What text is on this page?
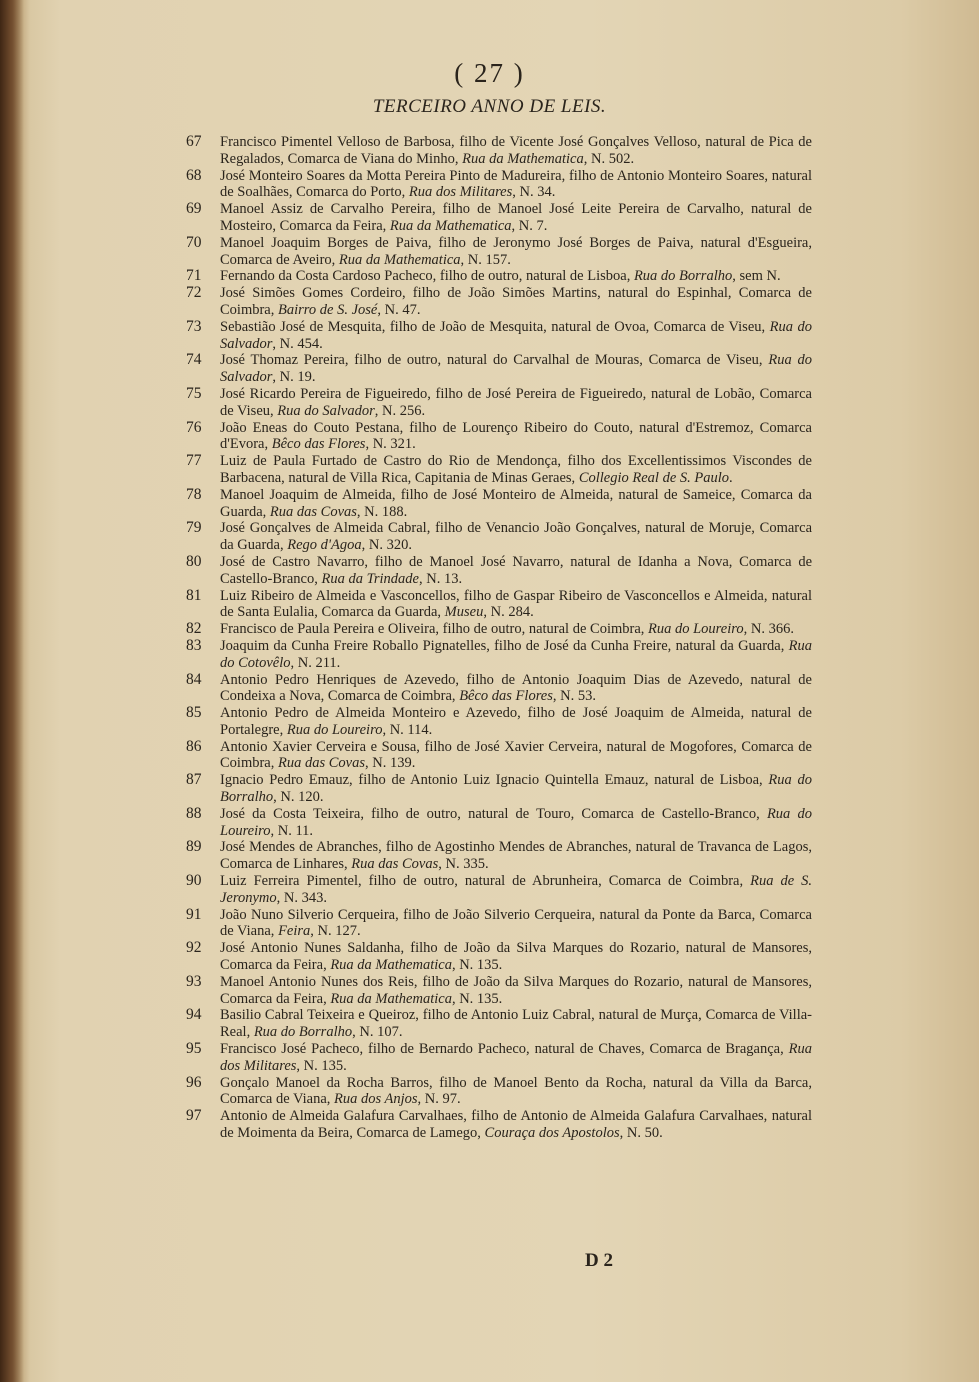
( 27 )
TERCEIRO ANNO DE LEIS.
67 Francisco Pimentel Velloso de Barbosa, filho de Vicente José Gonçalves Velloso, natural de Pica de Regalados, Comarca de Viana do Minho, Rua da Mathematica, N. 502.
68 José Monteiro Soares da Motta Pereira Pinto de Madureira, filho de Antonio Monteiro Soares, natural de Soalhães, Comarca do Porto, Rua dos Militares, N. 34.
69 Manoel Assiz de Carvalho Pereira, filho de Manoel José Leite Pereira de Carvalho, natural de Mosteiro, Comarca da Feira, Rua da Mathematica, N. 7.
70 Manoel Joaquim Borges de Paiva, filho de Jeronymo José Borges de Paiva, natural d'Esgueira, Comarca de Aveiro, Rua da Mathematica, N. 157.
71 Fernando da Costa Cardoso Pacheco, filho de outro, natural de Lisboa, Rua do Borralho, sem N.
72 José Simões Gomes Cordeiro, filho de João Simões Martins, natural do Espinhal, Comarca de Coimbra, Bairro de S. José, N. 47.
73 Sebastião José de Mesquita, filho de João de Mesquita, natural de Ovoa, Comarca de Viseu, Rua do Salvador, N. 454.
74 José Thomaz Pereira, filho de outro, natural do Carvalhal de Mouras, Comarca de Viseu, Rua do Salvador, N. 19.
75 José Ricardo Pereira de Figueiredo, filho de José Pereira de Figueiredo, natural de Lobão, Comarca de Viseu, Rua do Salvador, N. 256.
76 João Eneas do Couto Pestana, filho de Lourenço Ribeiro do Couto, natural d'Estremoz, Comarca d'Evora, Bêco das Flores, N. 321.
77 Luiz de Paula Furtado de Castro do Rio de Mendonça, filho dos Excellentissimos Viscondes de Barbacena, natural de Villa Rica, Capitania de Minas Geraes, Collegio Real de S. Paulo.
78 Manoel Joaquim de Almeida, filho de José Monteiro de Almeida, natural de Sameice, Comarca da Guarda, Rua das Covas, N. 188.
79 José Gonçalves de Almeida Cabral, filho de Venancio João Gonçalves, natural de Moruje, Comarca da Guarda, Rego d'Agoa, N. 320.
80 José de Castro Navarro, filho de Manoel José Navarro, natural de Idanha a Nova, Comarca de Castello-Branco, Rua da Trindade, N. 13.
81 Luiz Ribeiro de Almeida e Vasconcellos, filho de Gaspar Ribeiro de Vasconcellos e Almeida, natural de Santa Eulalia, Comarca da Guarda, Museu, N. 284.
82 Francisco de Paula Pereira e Oliveira, filho de outro, natural de Coimbra, Rua do Loureiro, N. 366.
83 Joaquim da Cunha Freire Roballo Pignatelles, filho de José da Cunha Freire, natural da Guarda, Rua do Cotovêlo, N. 211.
84 Antonio Pedro Henriques de Azevedo, filho de Antonio Joaquim Dias de Azevedo, natural de Condeixa a Nova, Comarca de Coimbra, Bêco das Flores, N. 53.
85 Antonio Pedro de Almeida Monteiro e Azevedo, filho de José Joaquim de Almeida, natural de Portalegre, Rua do Loureiro, N. 114.
86 Antonio Xavier Cerveira e Sousa, filho de José Xavier Cerveira, natural de Mogofores, Comarca de Coimbra, Rua das Covas, N. 139.
87 Ignacio Pedro Emauz, filho de Antonio Luiz Ignacio Quintella Emauz, natural de Lisboa, Rua do Borralho, N. 120.
88 José da Costa Teixeira, filho de outro, natural de Touro, Comarca de Castello-Branco, Rua do Loureiro, N. 11.
89 José Mendes de Abranches, filho de Agostinho Mendes de Abranches, natural de Travanca de Lagos, Comarca de Linhares, Rua das Covas, N. 335.
90 Luiz Ferreira Pimentel, filho de outro, natural de Abrunheira, Comarca de Coimbra, Rua de S. Jeronymo, N. 343.
91 João Nuno Silverio Cerqueira, filho de João Silverio Cerqueira, natural da Ponte da Barca, Comarca de Viana, Feira, N. 127.
92 José Antonio Nunes Saldanha, filho de João da Silva Marques do Rozario, natural de Mansores, Comarca da Feira, Rua da Mathematica, N. 135.
93 Manoel Antonio Nunes dos Reis, filho de João da Silva Marques do Rozario, natural de Mansores, Comarca da Feira, Rua da Mathematica, N. 135.
94 Basilio Cabral Teixeira e Queiroz, filho de Antonio Luiz Cabral, natural de Murça, Comarca de Villa-Real, Rua do Borralho, N. 107.
95 Francisco José Pacheco, filho de Bernardo Pacheco, natural de Chaves, Comarca de Bragança, Rua dos Militares, N. 135.
96 Gonçalo Manoel da Rocha Barros, filho de Manoel Bento da Rocha, natural da Villa da Barca, Comarca de Viana, Rua dos Anjos, N. 97.
97 Antonio de Almeida Galafura Carvalhaes, filho de Antonio de Almeida Galafura Carvalhaes, natural de Moimenta da Beira, Comarca de Lamego, Couraça dos Apostolos, N. 50.
D 2
